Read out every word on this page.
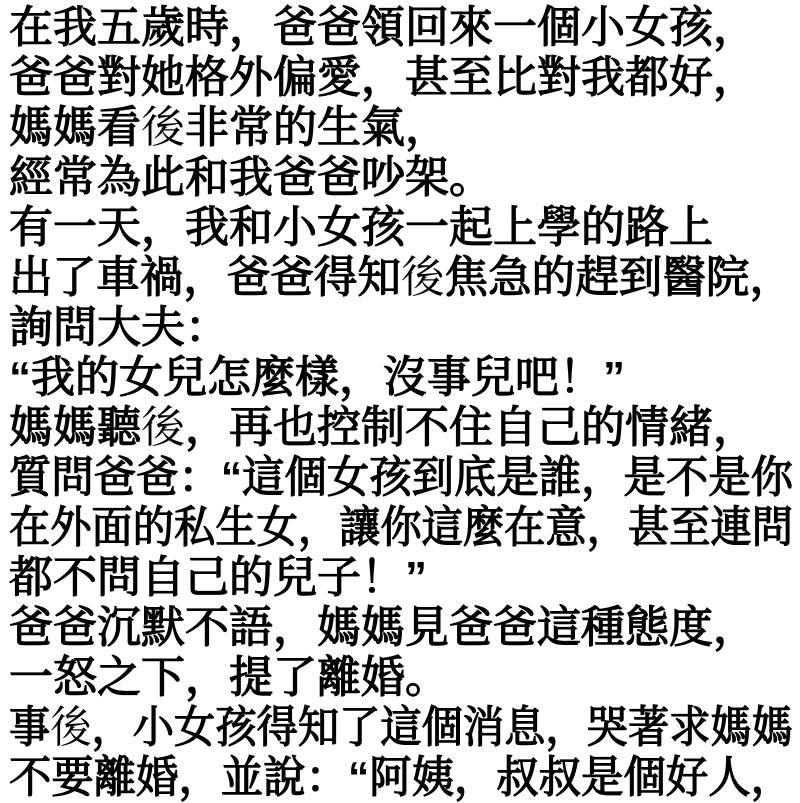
在我五歲時，爸爸領回來一個小女孩，
爸爸對她格外偏愛，甚至比對我都好，
媽媽看後非常的生氣，
經常為此和我爸爸吵架。
有一天，我和小女孩一起上學的路上
出了車禍，爸爸得知後焦急的趕到醫院，
詢問大夫：
“我的女兒怎麼樣，沒事兒吧！”
媽媽聽後，再也控制不住自己的情緒，
質問爸爸：“這個女孩到底是誰，是不是你
在外面的私生女，讓你這麼在意，甚至連問
都不問自己的兒子！”
爸爸沉默不語，媽媽見爸爸這種態度，
一怒之下，提了離婚。
事後，小女孩得知了這個消息，哭著求媽媽
不要離婚，並說：“阿姨，叔叔是個好人，
